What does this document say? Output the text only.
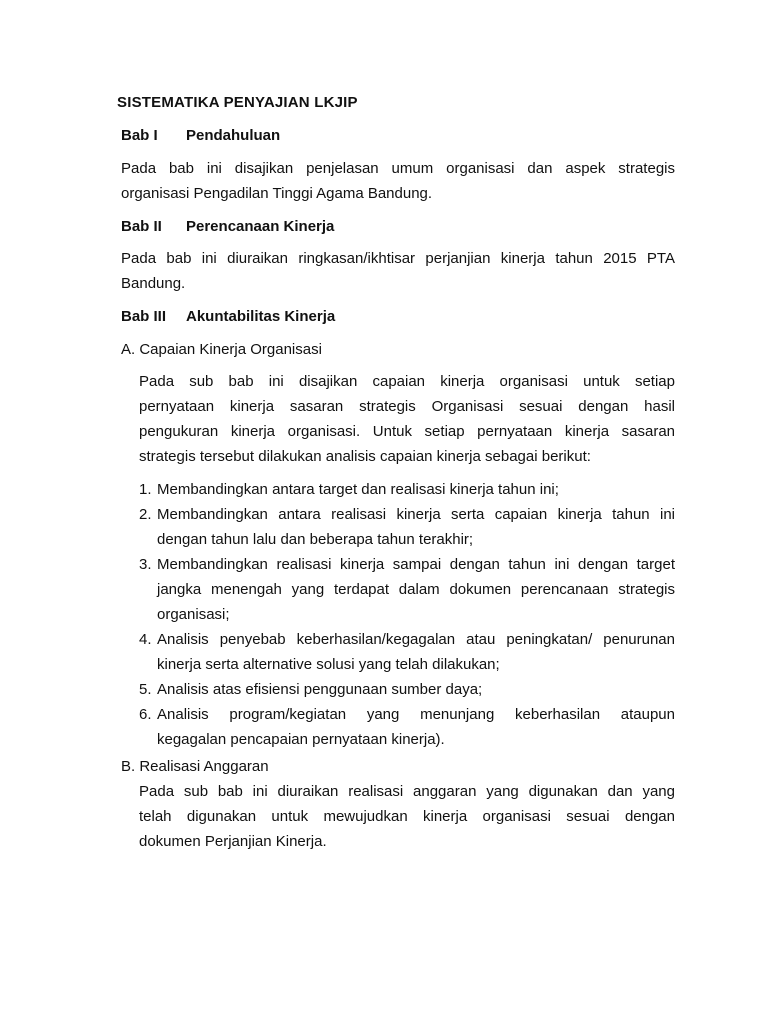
SISTEMATIKA PENYAJIAN LKJIP
Bab I Pendahuluan

Pada bab ini disajikan penjelasan umum organisasi dan aspek strategis
organisasi Pengadilan Tinggi Agama Bandung.

Bab II Perencanaan Kinerja

Pada bab ini diuraikan ringkasan/ikhtisar perjanjian kinerja tahun 2015 PTA
Bandung.

Bab III Akuntabilitas Kinerja
A. Capaian Kinerja Organisasi

Pada sub bab ini disajikan capaian kinerja organisasi untuk setiap
pernyataan kinerja sasaran strategis Organisasi sesuai dengan hasil
pengukuran kinerja organisasi. Untuk setiap pernyataan kinerja sasaran
strategis tersebut dilakukan analisis capaian kinerja sebagai berikut:

1. Membandingkan antara target dan realisasi kinerja tahun ini;
2. Membandingkan antara realisasi kinerja serta capaian kinerja tahun ini
dengan tahun lalu dan beberapa tahun terakhir;
3. Membandingkan realisasi kinerja sampai dengan tahun ini dengan target
jangka menengah yang terdapat dalam dokumen perencanaan strategis
organisasi;
4. Analisis penyebab keberhasilan/kegagalan atau peningkatan/ penurunan
kinerja serta alternative solusi yang telah dilakukan;
5. Analisis atas efisiensi penggunaan sumber daya;
6. Analisis program/kegiatan yang menunjang keberhasilan ataupun
kegagalan pencapaian pernyataan kinerja).
B. Realisasi Anggaran

Pada sub bab ini diuraikan realisasi anggaran yang digunakan dan yang
telah digunakan untuk mewujudkan kinerja organisasi sesuai dengan
dokumen Perjanjian Kinerja.
